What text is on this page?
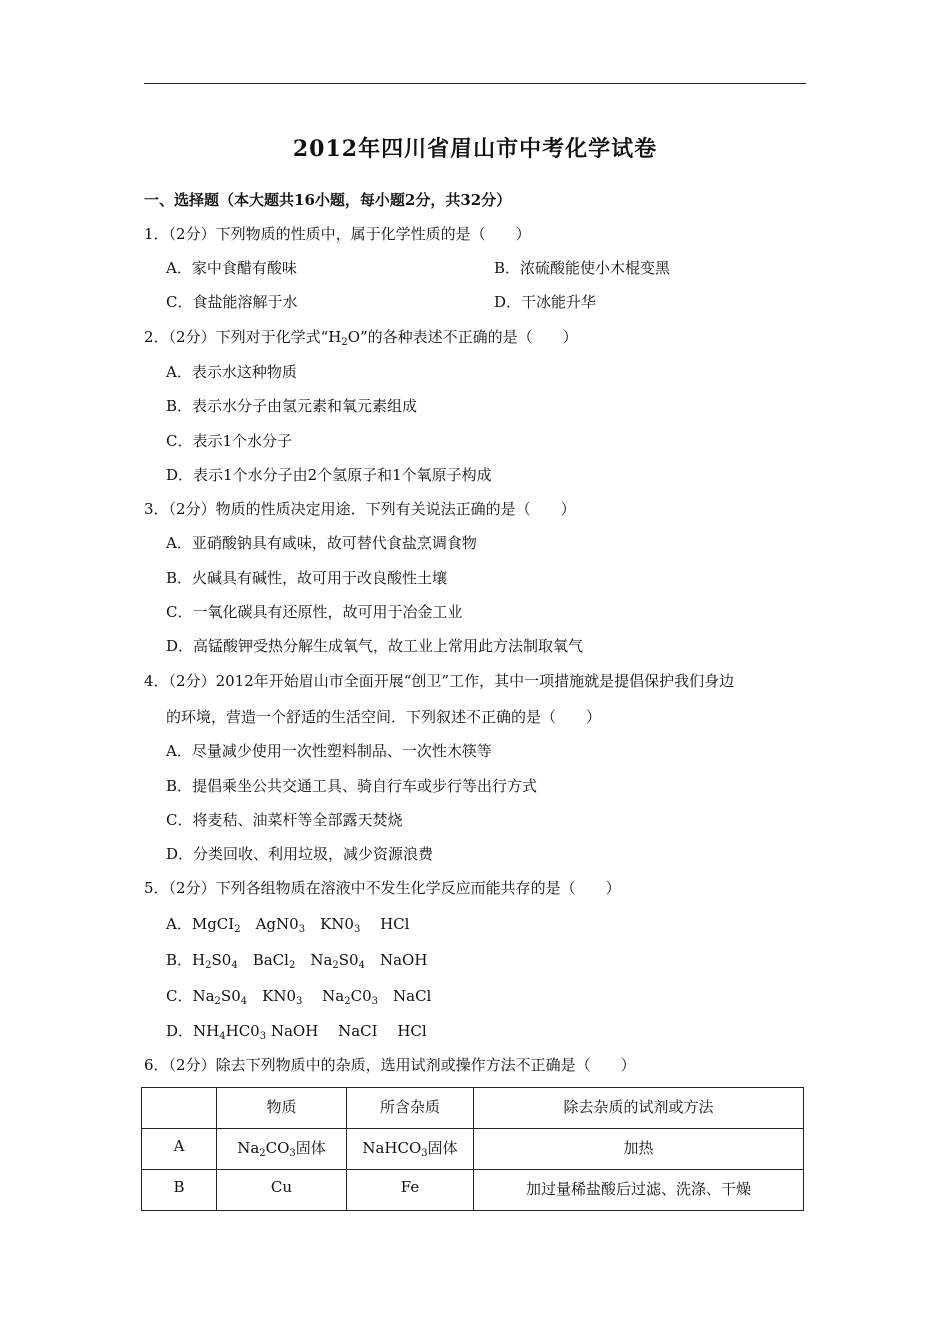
2012年四川省眉山市中考化学试卷
一、选择题（本大题共16小题，每小题2分，共32分）
1．（2分）下列物质的性质中，属于化学性质的是（　　）
A．家中食醋有酸味	B．浓硫酸能使小木棍变黑
C．食盐能溶解于水	D．干冰能升华
2．（2分）下列对于化学式“$H_2O$”的各种表述不正确的是（　　）
A．表示水这种物质
B．表示水分子由氢元素和氧元素组成
C．表示1个水分子
D．表示1个水分子由2个氢原子和1个氧原子构成
3．（2分）物质的性质决定用途．下列有关说法正确的是（　　）
A．亚硝酸钠具有咸味，故可替代食盐烹调食物
B．火碱具有碱性，故可用于改良酸性土壤
C．一氧化碳具有还原性，故可用于冶金工业
D．高锰酸钾受热分解生成氧气，故工业上常用此方法制取氧气
4．（2分）2012年开始眉山市全面开展“创卫”工作，其中一项措施就是提倡保护我们身边
的环境，营造一个舒适的生活空间．下列叙述不正确的是（　　）
A．尽量减少使用一次性塑料制品、一次性木筷等
B．提倡乘坐公共交通工具、骑自行车或步行等出行方式
C．将麦秸、油菜杆等全部露天焚烧
D．分类回收、利用垃圾，减少资源浪费
5．（2分）下列各组物质在溶液中不发生化学反应而能共存的是（　　）
A．MgCI$_2$　$AgN0_3$　$KN0_3$　 HCl
B．$H_2S0_4$　BaCl$_2$　$Na_2S0_4$　NaOH
C．$Na_2S0_4$　$KN0_3$　 $Na_2C0_3$　NaCl
D．$NH_4HC0_3$ NaOH　 NaCI　 HCl
6．（2分）除去下列物质中的杂质，选用试剂或操作方法不正确是（　　）
	物质	所含杂质	除去杂质的试剂或方法
A	$Na_2CO_3$固体	NaHCO$_3$固体	加热
B	Cu	Fe	加过量稀盐酸后过滤、洗涤、干燥
